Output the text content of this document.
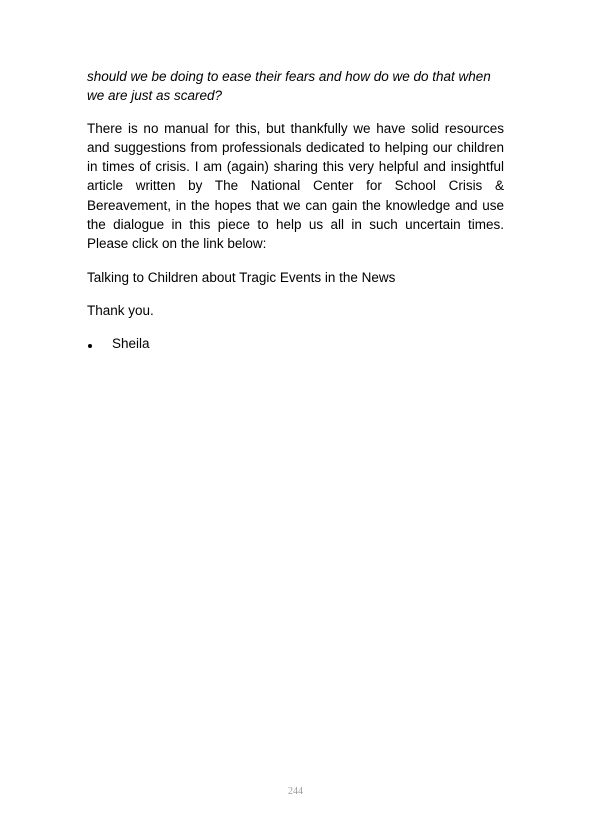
should we be doing to ease their fears and how do we do that when we are just as scared?

There is no manual for this, but thankfully we have solid resources and suggestions from professionals dedicated to helping our children in times of crisis. I am (again) sharing this very helpful and insightful article written by The National Center for School Crisis & Bereavement, in the hopes that we can gain the knowledge and use the dialogue in this piece to help us all in such uncertain times. Please click on the link below:

Talking to Children about Tragic Events in the News

Thank you.

Sheila
244
